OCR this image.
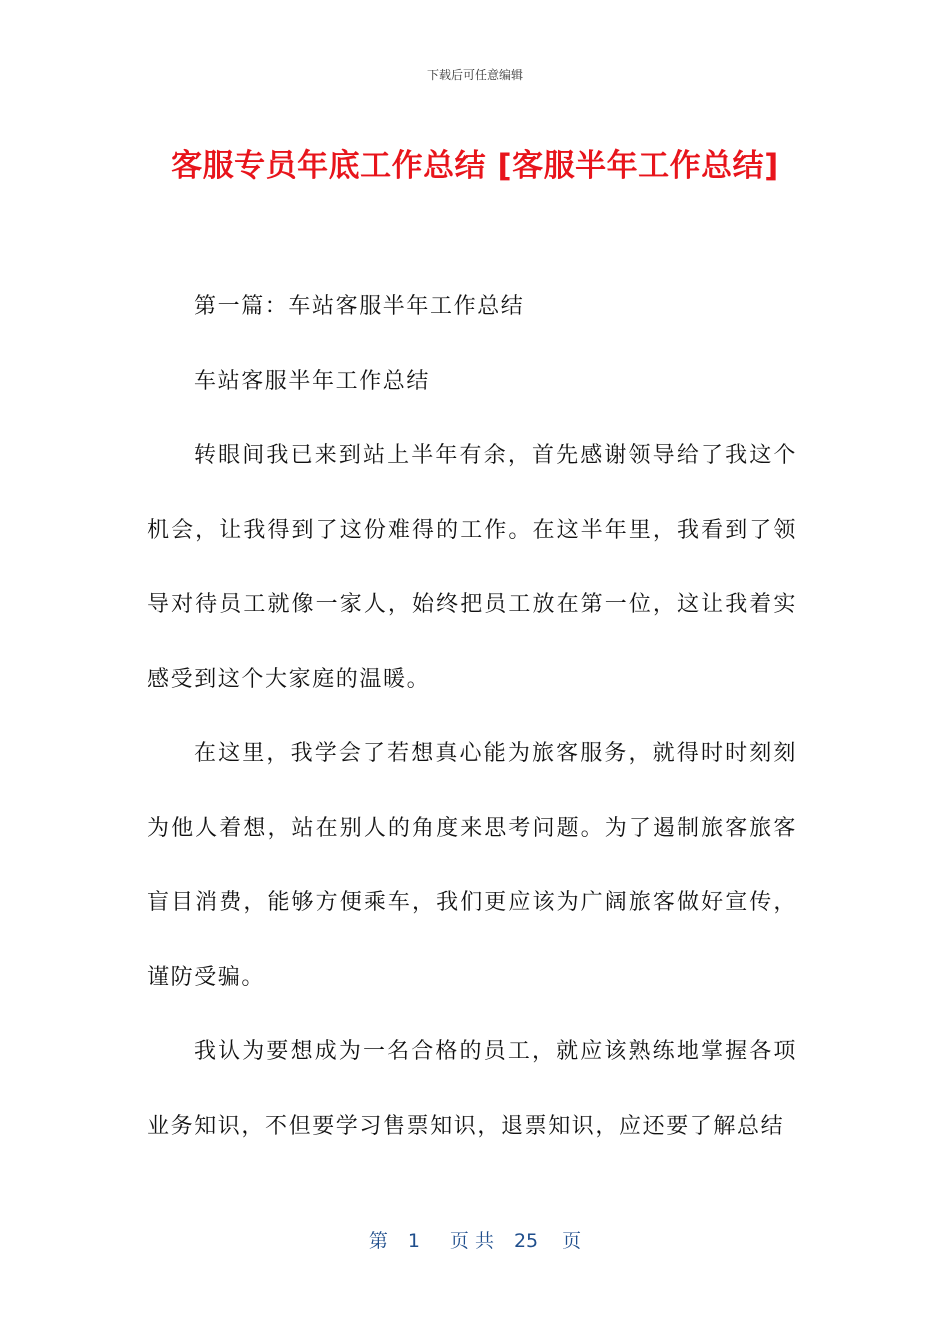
下载后可任意编辑
客服专员年底工作总结 [客服半年工作总结]

第一篇：车站客服半年工作总结

车站客服半年工作总结

转眼间我已来到站上半年有余，首先感谢领导给了我这个机会，让我得到了这份难得的工作。在这半年里，我看到了领导对待员工就像一家人，始终把员工放在第一位，这让我着实感受到这个大家庭的温暖。

在这里，我学会了若想真心能为旅客服务，就得时时刻刻为他人着想，站在别人的角度来思考问题。为了遏制旅客旅客盲目消费，能够方便乘车，我们更应该为广阔旅客做好宣传，谨防受骗。

我认为要想成为一名合格的员工，就应该熟练地掌握各项业务知识，不但要学习售票知识，退票知识，应还要了解总结

第 1 页 共 25 页
